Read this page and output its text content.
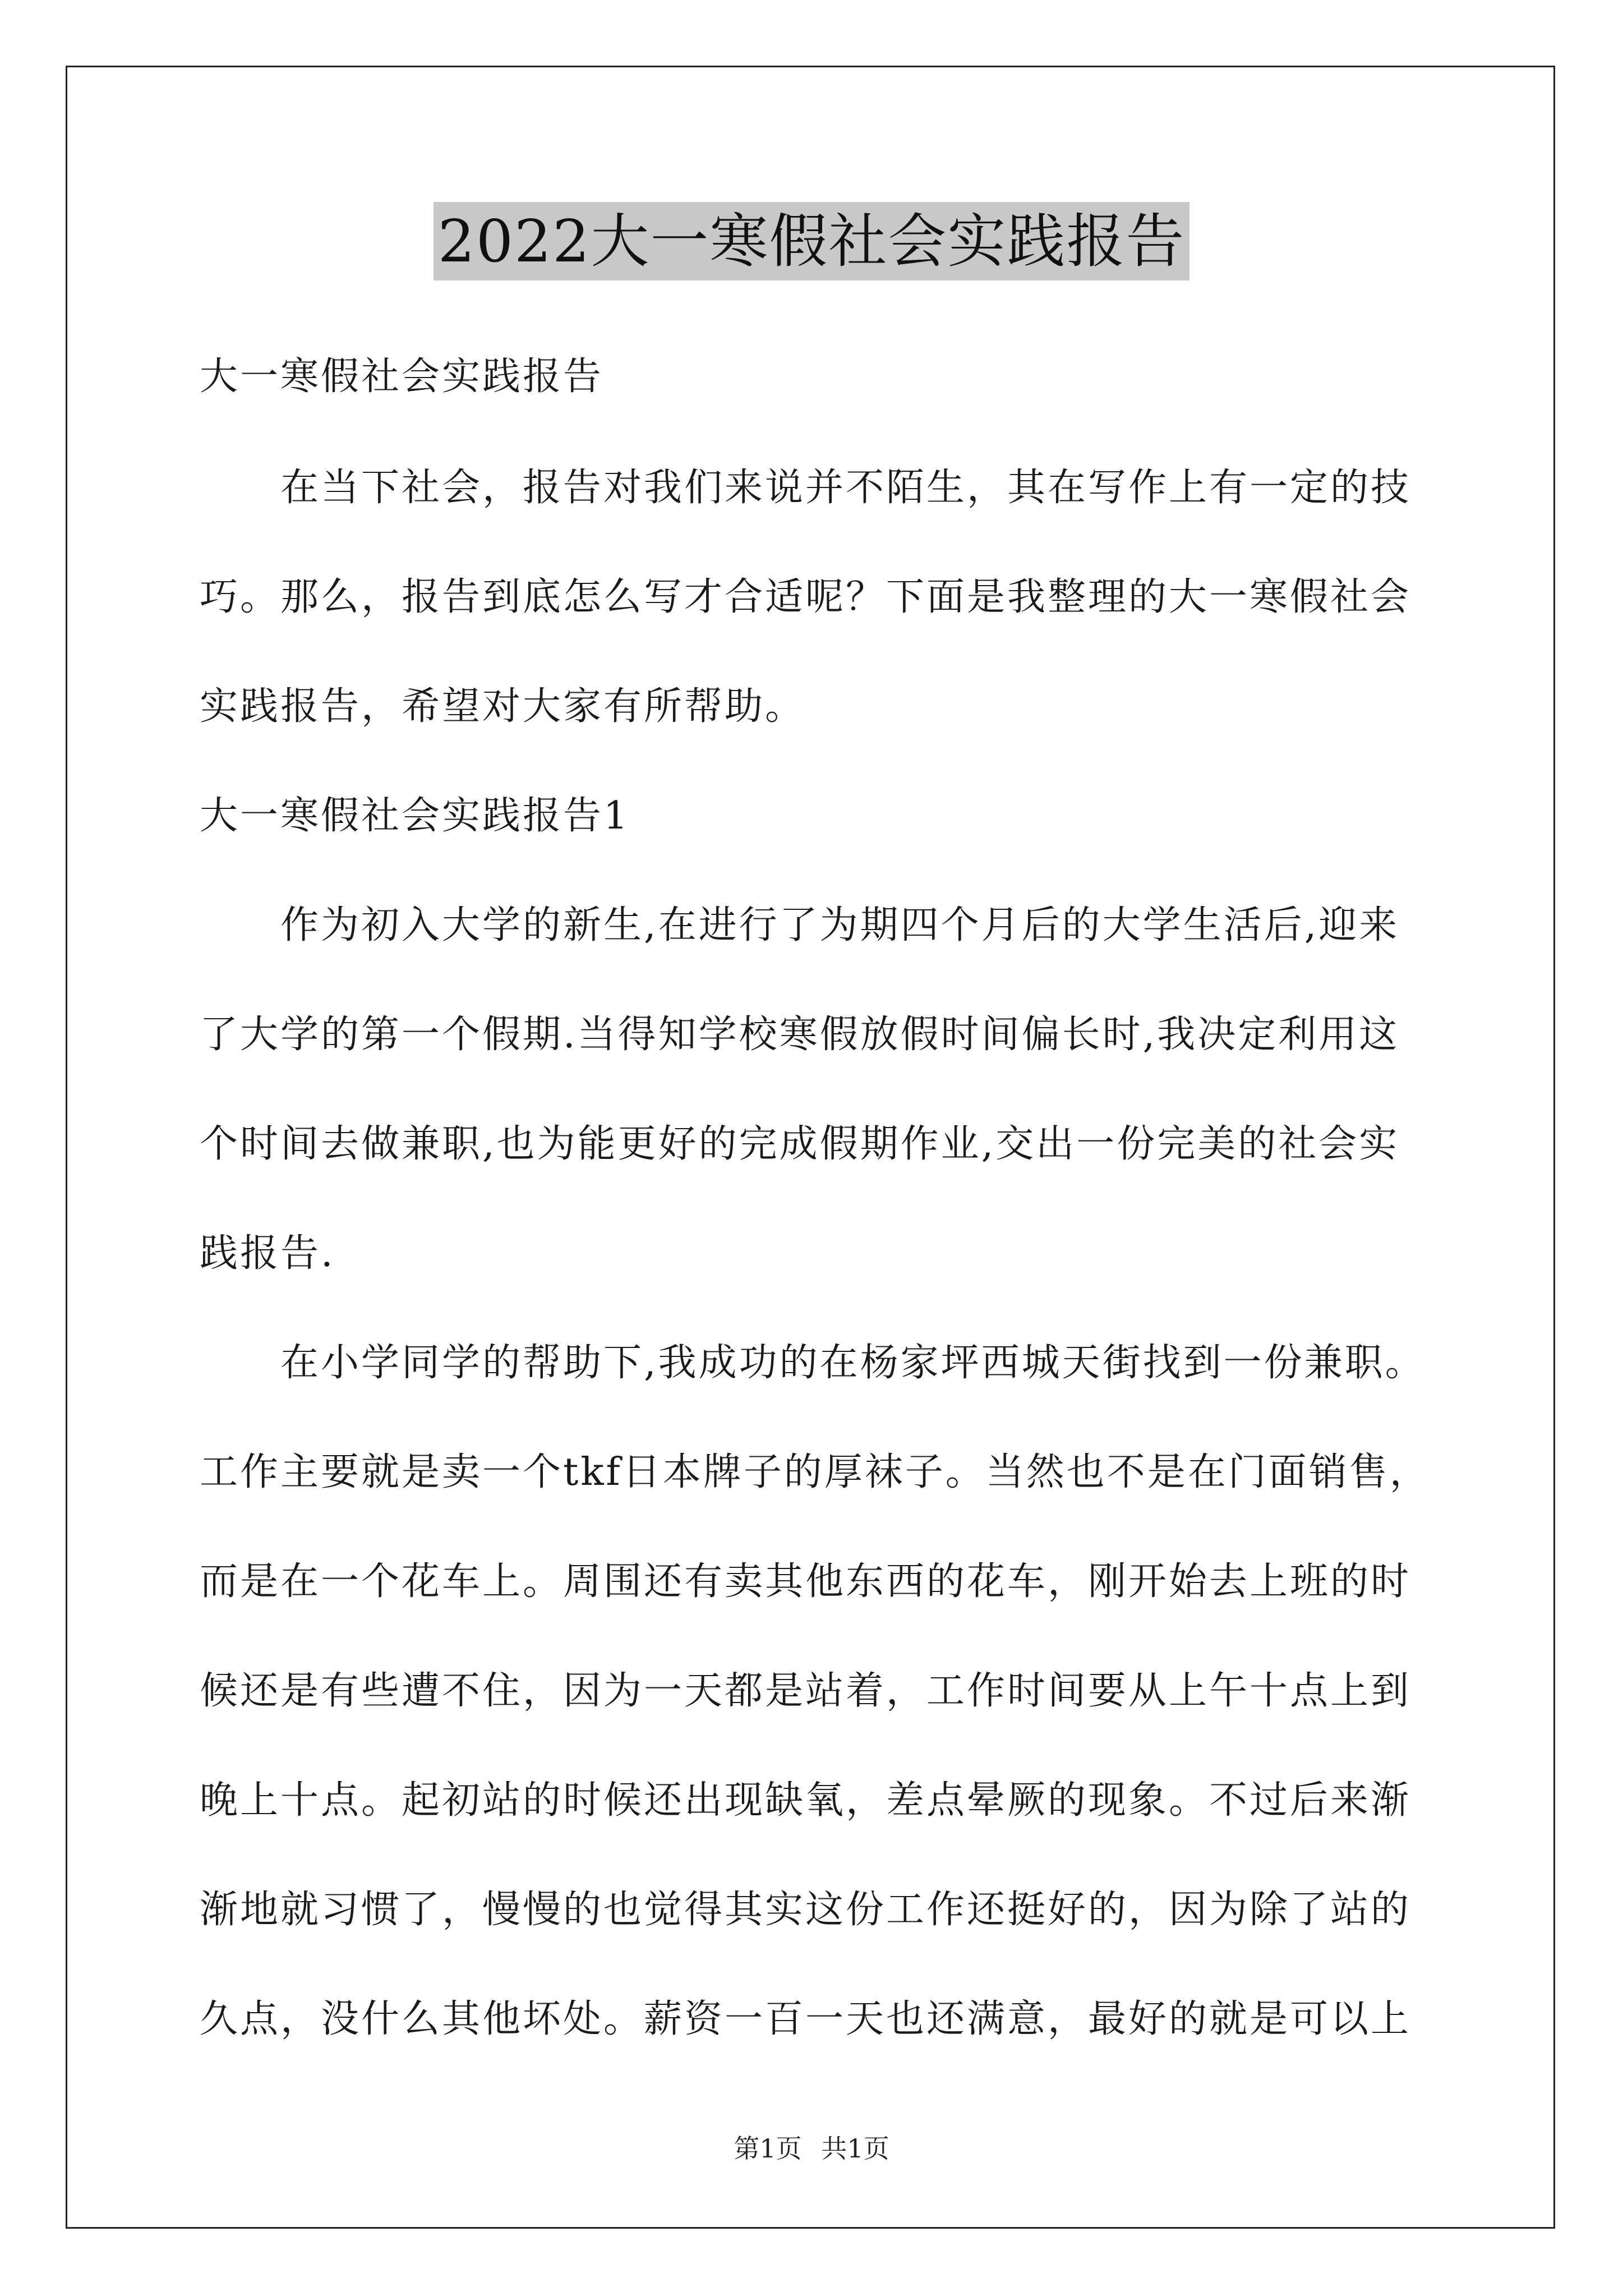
2022大一寒假社会实践报告
大一寒假社会实践报告
在当下社会，报告对我们来说并不陌生，其在写作上有一定的技
巧。那么，报告到底怎么写才合适呢？下面是我整理的大一寒假社会
实践报告，希望对大家有所帮助。
大一寒假社会实践报告1
作为初入大学的新生,在进行了为期四个月后的大学生活后,迎来
了大学的第一个假期.当得知学校寒假放假时间偏长时,我决定利用这
个时间去做兼职,也为能更好的完成假期作业,交出一份完美的社会实
践报告.
在小学同学的帮助下,我成功的在杨家坪西城天街找到一份兼职。
工作主要就是卖一个tkf日本牌子的厚袜子。当然也不是在门面销售，
而是在一个花车上。周围还有卖其他东西的花车，刚开始去上班的时
候还是有些遭不住，因为一天都是站着，工作时间要从上午十点上到
晚上十点。起初站的时候还出现缺氧，差点晕厥的现象。不过后来渐
渐地就习惯了，慢慢的也觉得其实这份工作还挺好的，因为除了站的
久点，没什么其他坏处。薪资一百一天也还满意，最好的就是可以上
第1页 共1页
